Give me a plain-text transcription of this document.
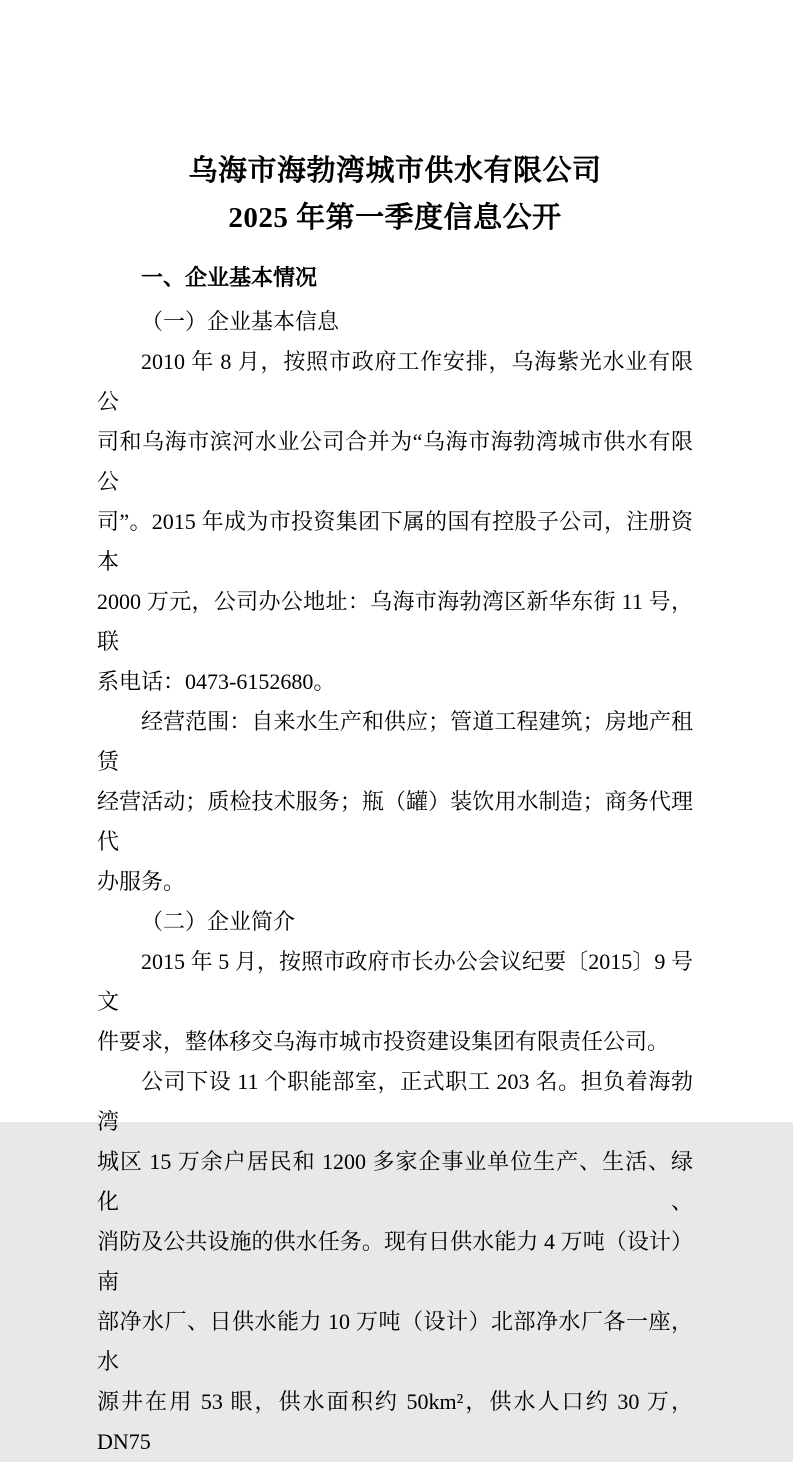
乌海市海勃湾城市供水有限公司
2025 年第一季度信息公开
一、企业基本情况
（一）企业基本信息
2010 年 8 月，按照市政府工作安排，乌海紫光水业有限公
司和乌海市滨河水业公司合并为“乌海市海勃湾城市供水有限公
司”。2015 年成为市投资集团下属的国有控股子公司，注册资本
2000 万元，公司办公地址：乌海市海勃湾区新华东街 11 号，联
系电话：0473-6152680。
经营范围：自来水生产和供应；管道工程建筑；房地产租赁
经营活动；质检技术服务；瓶（罐）装饮用水制造；商务代理代
办服务。
（二）企业简介
2015 年 5 月，按照市政府市长办公会议纪要〔2015〕9 号文
件要求，整体移交乌海市城市投资建设集团有限责任公司。
公司下设 11 个职能部室，正式职工 203 名。担负着海勃湾
城区 15 万余户居民和 1200 多家企事业单位生产、生活、绿化、
消防及公共设施的供水任务。现有日供水能力 4 万吨（设计）南
部净水厂、日供水能力 10 万吨（设计）北部净水厂各一座，水
源井在用 53 眼，供水面积约 50km²，供水人口约 30 万，DN75
